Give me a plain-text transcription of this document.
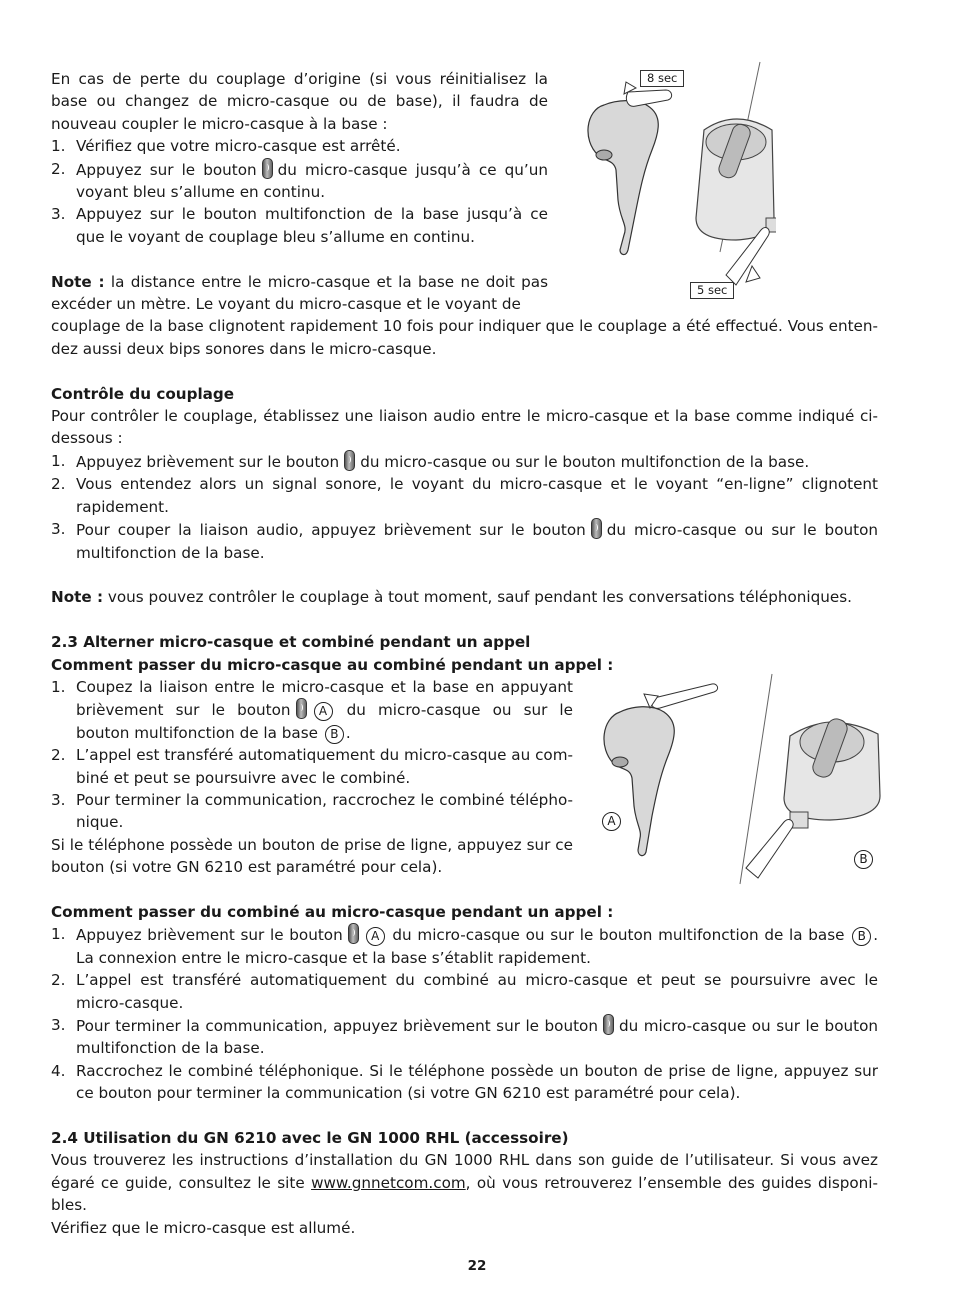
8 sec
5 sec
A
B

En cas de perte du couplage d’origine (si vous réinitialisez la base ou changez de micro-casque ou de base), il faudra de nouveau coupler le micro-casque à la base :

1. Vérifiez que votre micro-casque est arrêté.
2. Appuyez sur le bouton du micro-casque jusqu’à ce qu’un voyant bleu s’allume en continu.
3. Appuyez sur le bouton multifonction de la base jusqu’à ce que le voyant de couplage bleu s’allume en continu.

Note : la distance entre le micro-casque et la base ne doit pas excéder un mètre. Le voyant du micro-casque et le voyant de

couplage de la base clignotent rapidement 10 fois pour indiquer que le couplage a été effectué. Vous enten-dez aussi deux bips sonores dans le micro-casque.

Contrôle du couplage

Pour contrôler le couplage, établissez une liaison audio entre le micro-casque et la base comme indiqué ci-dessous :

1. Appuyez brièvement sur le bouton du micro-casque ou sur le bouton multifonction de la base.
2. Vous entendez alors un signal sonore, le voyant du micro-casque et le voyant “en-ligne” clignotent rapidement.
3. Pour couper la liaison audio, appuyez brièvement sur le bouton du micro-casque ou sur le bouton multifonction de la base.

Note : vous pouvez contrôler le couplage à tout moment, sauf pendant les conversations téléphoniques.

2.3 Alterner micro-casque et combiné pendant un appel

Comment passer du micro-casque au combiné pendant un appel :

1. Coupez la liaison entre le micro-casque et la base en appuyant brièvement sur le bouton A du micro-casque ou sur le bouton multifonction de la base B .
2. L’appel est transféré automatiquement du micro-casque au com-biné et peut se poursuivre avec le combiné.
3. Pour terminer la communication, raccrochez le combiné télépho-nique.

Si le téléphone possède un bouton de prise de ligne, appuyez sur ce bouton (si votre GN 6210 est paramétré pour cela).

Comment passer du combiné au micro-casque pendant un appel :

1. Appuyez brièvement sur le bouton A du micro-casque ou sur le bouton multifonction de la base B . La connexion entre le micro-casque et la base s’établit rapidement.
2. L’appel est transféré automatiquement du combiné au micro-casque et peut se poursuivre avec le micro-casque.
3. Pour terminer la communication, appuyez brièvement sur le bouton du micro-casque ou sur le bouton multifonction de la base.
4. Raccrochez le combiné téléphonique. Si le téléphone possède un bouton de prise de ligne, appuyez sur ce bouton pour terminer la communication (si votre GN 6210 est paramétré pour cela).

2.4 Utilisation du GN 6210 avec le GN 1000 RHL (accessoire)

Vous trouverez les instructions d’installation du GN 1000 RHL dans son guide de l’utilisateur. Si vous avez égaré ce guide, consultez le site www.gnnetcom.com, où vous retrouverez l’ensemble des guides disponi-bles.

Vérifiez que le micro-casque est allumé.

22
